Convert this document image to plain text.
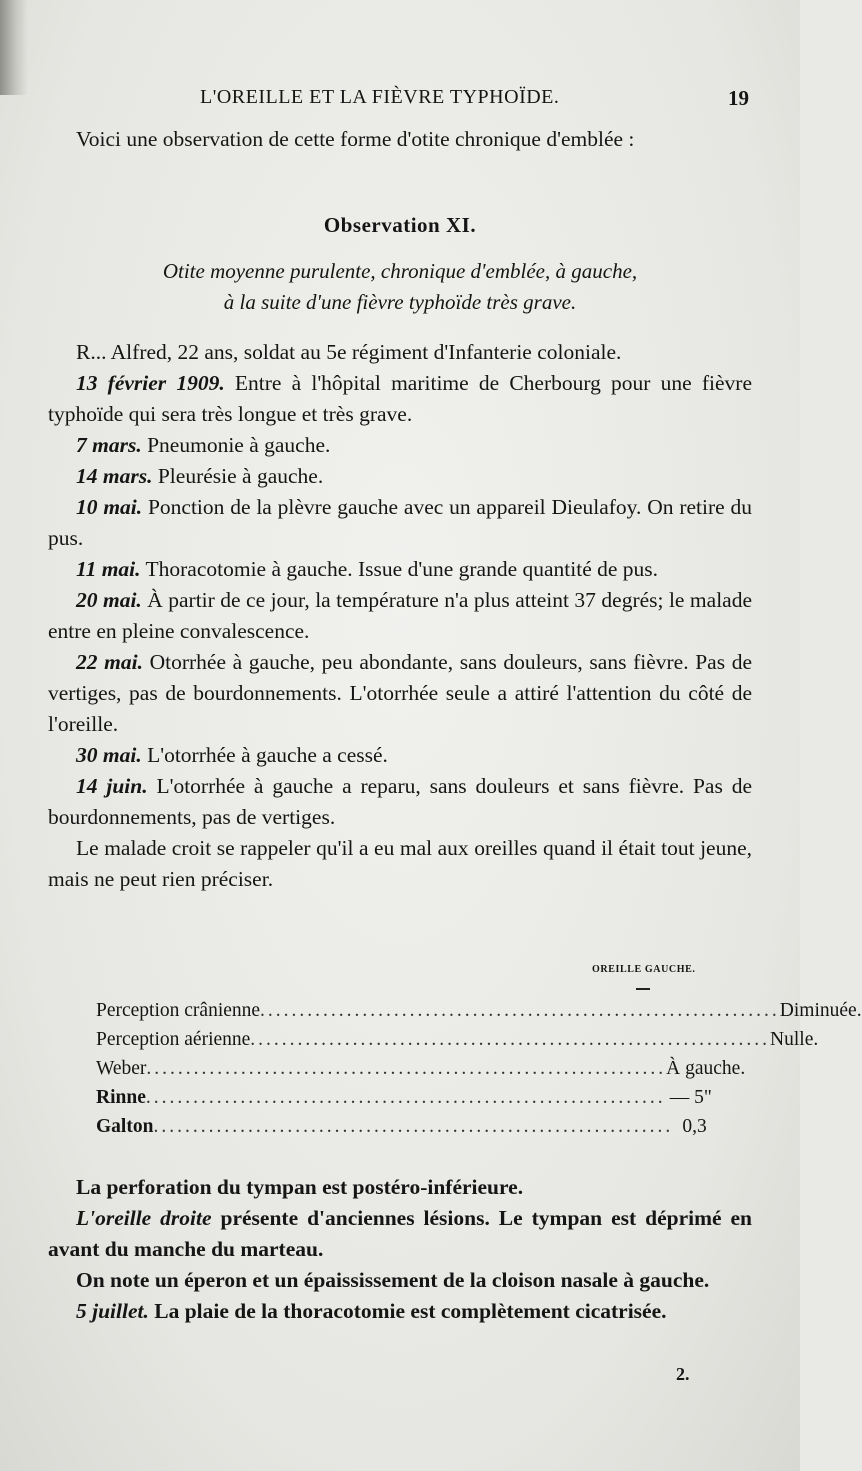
L'OREILLE ET LA FIÈVRE TYPHOÏDE.	19

Voici une observation de cette forme d'otite chronique d'emblée :

Observation XI.
Otite moyenne purulente, chronique d'emblée, à gauche,
à la suite d'une fièvre typhoïde très grave.

R... Alfred, 22 ans, soldat au 5e régiment d'Infanterie coloniale.

13 février 1909. Entre à l'hôpital maritime de Cherbourg pour une fièvre typhoïde qui sera très longue et très grave.

7 mars. Pneumonie à gauche.

14 mars. Pleurésie à gauche.

10 mai. Ponction de la plèvre gauche avec un appareil Dieulafoy. On retire du pus.

11 mai. Thoracotomie à gauche. Issue d'une grande quantité de pus.

20 mai. À partir de ce jour, la température n'a plus atteint 37 degrés; le malade entre en pleine convalescence.

22 mai. Otorrhée à gauche, peu abondante, sans douleurs, sans fièvre. Pas de vertiges, pas de bourdonnements. L'otorrhée seule a attiré l'attention du côté de l'oreille.

30 mai. L'otorrhée à gauche a cessé.

14 juin. L'otorrhée à gauche a reparu, sans douleurs et sans fièvre. Pas de bourdonnements, pas de vertiges.

Le malade croit se rappeler qu'il a eu mal aux oreilles quand il était tout jeune, mais ne peut rien préciser.

OREILLE GAUCHE.
Perception crânienne .................................................................. Diminuée.
Perception aérienne .................................................................. Nulle.
Weber .................................................................. À gauche.
Rinne .................................................................. — 5"
Galton .................................................................. 0,3

La perforation du tympan est postéro-inférieure.

L'oreille droite présente d'anciennes lésions. Le tympan est déprimé en avant du manche du marteau.

On note un éperon et un épaississement de la cloison nasale à gauche.

5 juillet. La plaie de la thoracotomie est complètement cicatrisée.

2.
